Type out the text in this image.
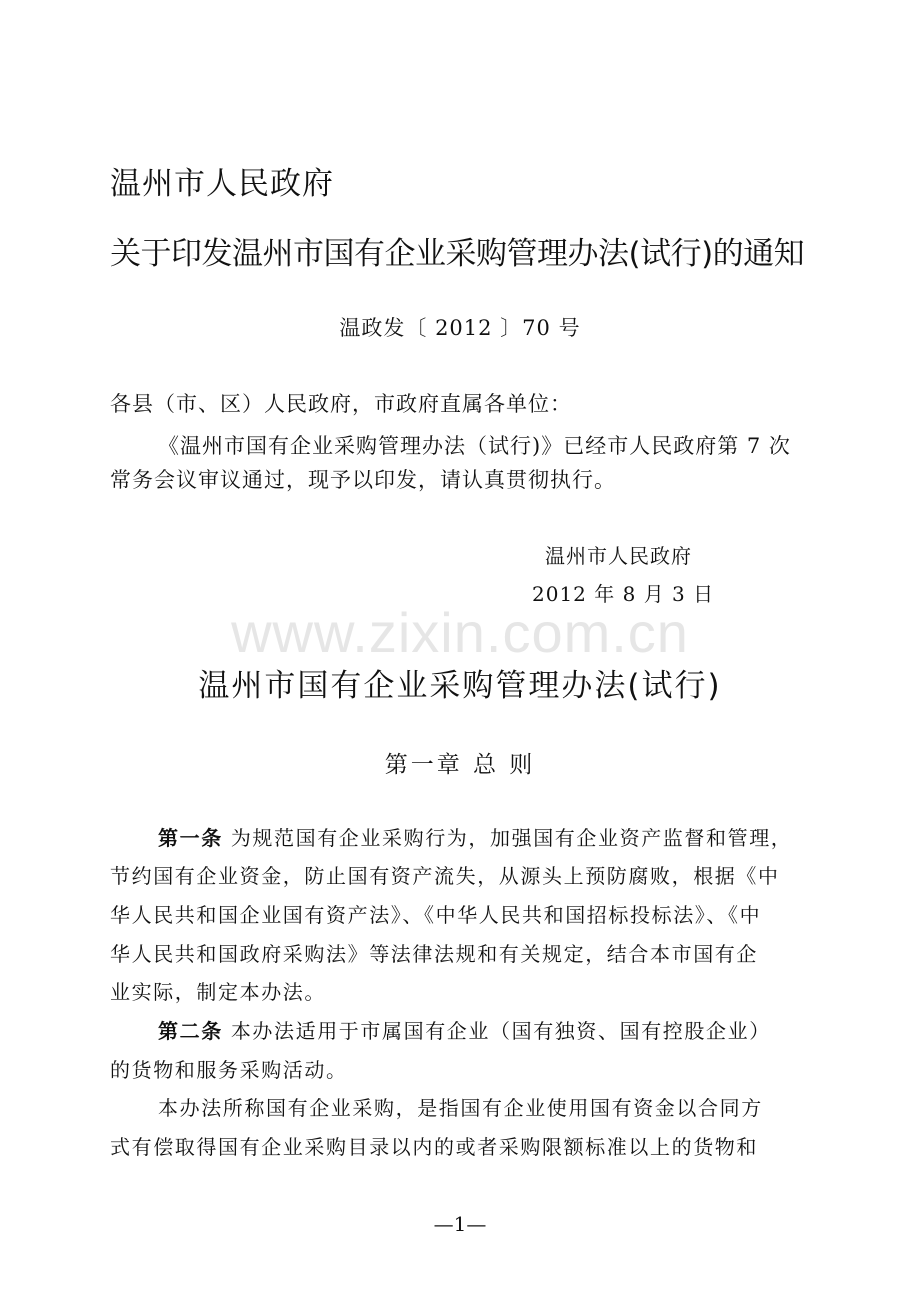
温州市人民政府
关于印发温州市国有企业采购管理办法(试行)的通知
温政发〔 2012 〕70 号
各县（市、区）人民政府，市政府直属各单位：
《温州市国有企业采购管理办法（试行)》已经市人民政府第 7 次
常务会议审议通过，现予以印发，请认真贯彻执行。
温州市人民政府
2012 年 8 月 3 日
www.zixin.com.cn
温州市国有企业采购管理办法(试行)
第一章 总 则
第一条 为规范国有企业采购行为，加强国有企业资产监督和管理，
节约国有企业资金，防止国有资产流失，从源头上预防腐败，根据《中
华人民共和国企业国有资产法》、《中华人民共和国招标投标法》、《中
华人民共和国政府采购法》等法律法规和有关规定，结合本市国有企
业实际，制定本办法。
第二条 本办法适用于市属国有企业（国有独资、国有控股企业）
的货物和服务采购活动。
本办法所称国有企业采购，是指国有企业使用国有资金以合同方
式有偿取得国有企业采购目录以内的或者采购限额标准以上的货物和
—1—
